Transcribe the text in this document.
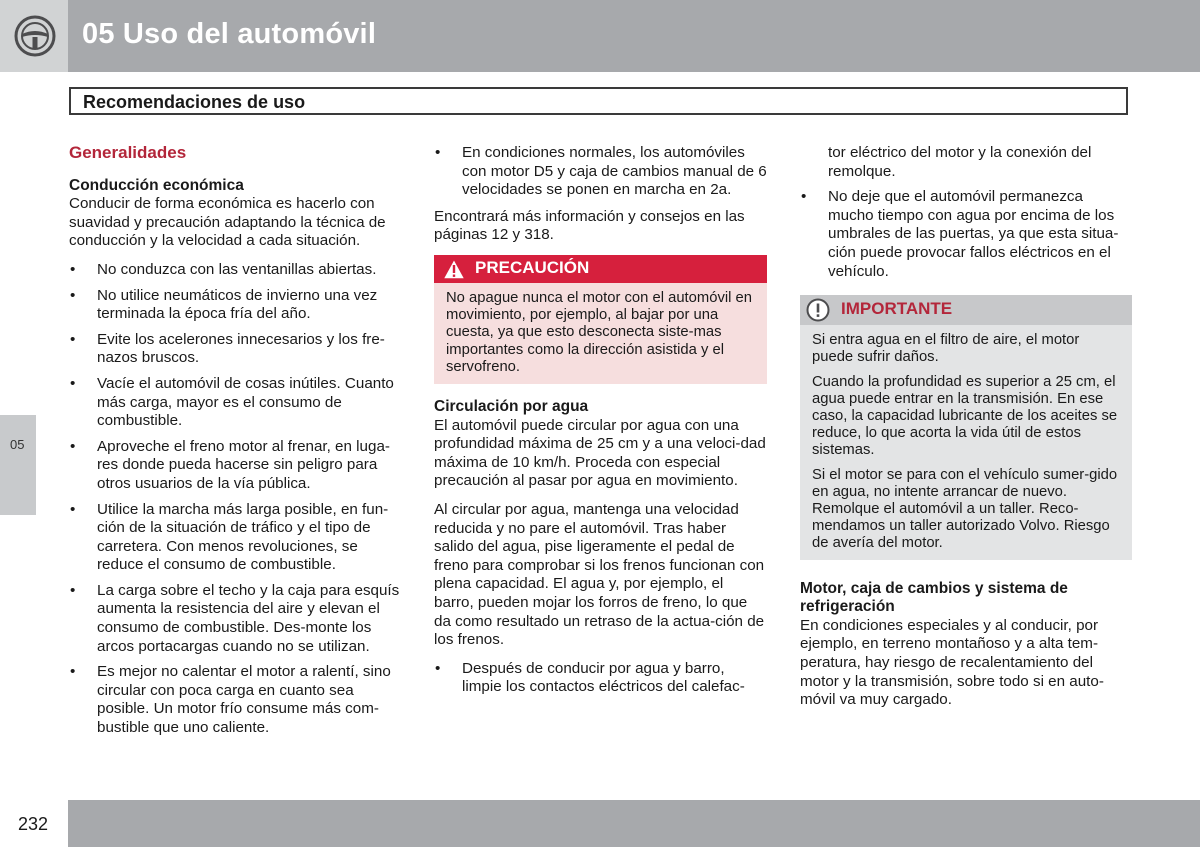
05 Uso del automóvil
Recomendaciones de uso
05
Generalidades
Conducción económica

Conducir de forma económica es hacerlo con suavidad y precaución adaptando la técnica de conducción y la velocidad a cada situación.

• No conduzca con las ventanillas abiertas.
• No utilice neumáticos de invierno una vez terminada la época fría del año.
• Evite los acelerones innecesarios y los fre-nazos bruscos.
• Vacíe el automóvil de cosas inútiles. Cuanto más carga, mayor es el consumo de combustible.
• Aproveche el freno motor al frenar, en luga-res donde pueda hacerse sin peligro para otros usuarios de la vía pública.
• Utilice la marcha más larga posible, en fun-ción de la situación de tráfico y el tipo de carretera. Con menos revoluciones, se reduce el consumo de combustible.
• La carga sobre el techo y la caja para esquís aumenta la resistencia del aire y elevan el consumo de combustible. Des-monte los arcos portacargas cuando no se utilizan.
• Es mejor no calentar el motor a ralentí, sino circular con poca carga en cuanto sea posible. Un motor frío consume más com-bustible que uno caliente.
• En condiciones normales, los automóviles con motor D5 y caja de cambios manual de 6 velocidades se ponen en marcha en 2a.

Encontrará más información y consejos en las páginas 12 y 318.

PRECAUCIÓN
No apague nunca el motor con el automóvil en movimiento, por ejemplo, al bajar por una cuesta, ya que esto desconecta siste-mas importantes como la dirección asistida y el servofreno.
Circulación por agua

El automóvil puede circular por agua con una profundidad máxima de 25 cm y a una veloci-dad máxima de 10 km/h. Proceda con especial precaución al pasar por agua en movimiento.

Al circular por agua, mantenga una velocidad reducida y no pare el automóvil. Tras haber salido del agua, pise ligeramente el pedal de freno para comprobar si los frenos funcionan con plena capacidad. El agua y, por ejemplo, el barro, pueden mojar los forros de freno, lo que da como resultado un retraso de la actua-ción de los frenos.

• Después de conducir por agua y barro, limpie los contactos eléctricos del calefac-
tor eléctrico del motor y la conexión del remolque.
• No deje que el automóvil permanezca mucho tiempo con agua por encima de los umbrales de las puertas, ya que esta situa-ción puede provocar fallos eléctricos en el vehículo.
IMPORTANTE

Si entra agua en el filtro de aire, el motor puede sufrir daños.

Cuando la profundidad es superior a 25 cm, el agua puede entrar en la transmisión. En ese caso, la capacidad lubricante de los aceites se reduce, lo que acorta la vida útil de estos sistemas.

Si el motor se para con el vehículo sumer-gido en agua, no intente arrancar de nuevo. Remolque el automóvil a un taller. Reco-mendamos un taller autorizado Volvo. Riesgo de avería del motor.

Motor, caja de cambios y sistema de refrigeración

En condiciones especiales y al conducir, por ejemplo, en terreno montañoso y a alta tem-peratura, hay riesgo de recalentamiento del motor y la transmisión, sobre todo si en auto-móvil va muy cargado.

232
